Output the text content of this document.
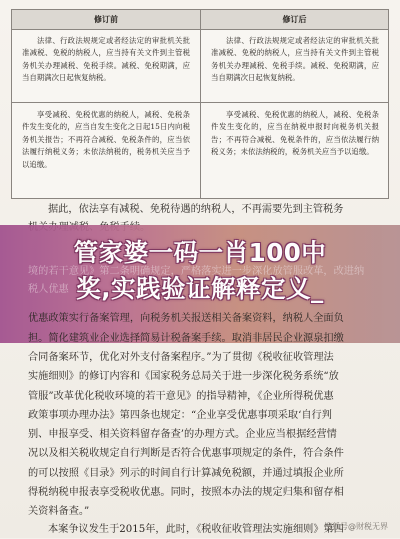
修订前	修订后
法律、行政法规规定或者经法定的审批机关批准减税、免税的纳税人，应当持有关文件到主管税务机关办理减税、免税手续。减税、免税期满，应当自期满次日起恢复纳税。
法律、行政法规规定或者经法定的审批机关批准减税、免税的纳税人，应当持有关文件到主管税务机关办理减税、免税手续。减税、免税期满，应当自期满次日起恢复纳税。
享受减税、免税优惠的纳税人，减税、免税条件发生变化的，应当自发生变化之日起15日内向税务机关报告；不再符合减税、免税条件的，应当依法履行纳税义务；未依法纳税的，税务机关应当予以追缴。
享受减税、免税优惠的纳税人，减税、免税条件发生变化的，应当在纳税申报时向税务机关报告；不再符合减税、免税条件的，应当依法履行纳税义务；未依法纳税的，税务机关应当予以追缴。
据此，依法享有减税、免税待遇的纳税人，不再需要先到主管税务
境的若干意见》第二条明确规定，严格落实进一步深化放管服改革，改进纳
税人优惠
管家婆一码一肖100中
奖,实践验证解释定义_
优惠政策实行备案管理，向税务机关报送相关备案资料，纳税人全面负
担。简化建筑业企业选择简易计税备案手续。取消非居民企业源泉扣缴
合同备案环节，优化对外支付备案程序。”为了贯彻《税收征收管理法
实施细则》的修订内容和《国家税务总局关于进一步深化税务系统“放
管服”改革优化税收环境的若干意见》的指导精神，《企业所得税优惠
政策事项办理办法》第四条也规定：“企业享受优惠事项采取‘自行判
别、申报享受、相关资料留存备查’的办理方式。企业应当根据经营情
况以及相关税收规定自行判断是否符合优惠事项规定的条件，符合条件
的可以按照《目录》列示的时间自行计算减免税额，并通过填报企业所
得税纳税申报表享受税收优惠。同时，按照本办法的规定归集和留存相
关资料备查。”
本案争议发生于2015年，此时，《税收征收管理法实施细则》第四
搜狐号@财税无界
